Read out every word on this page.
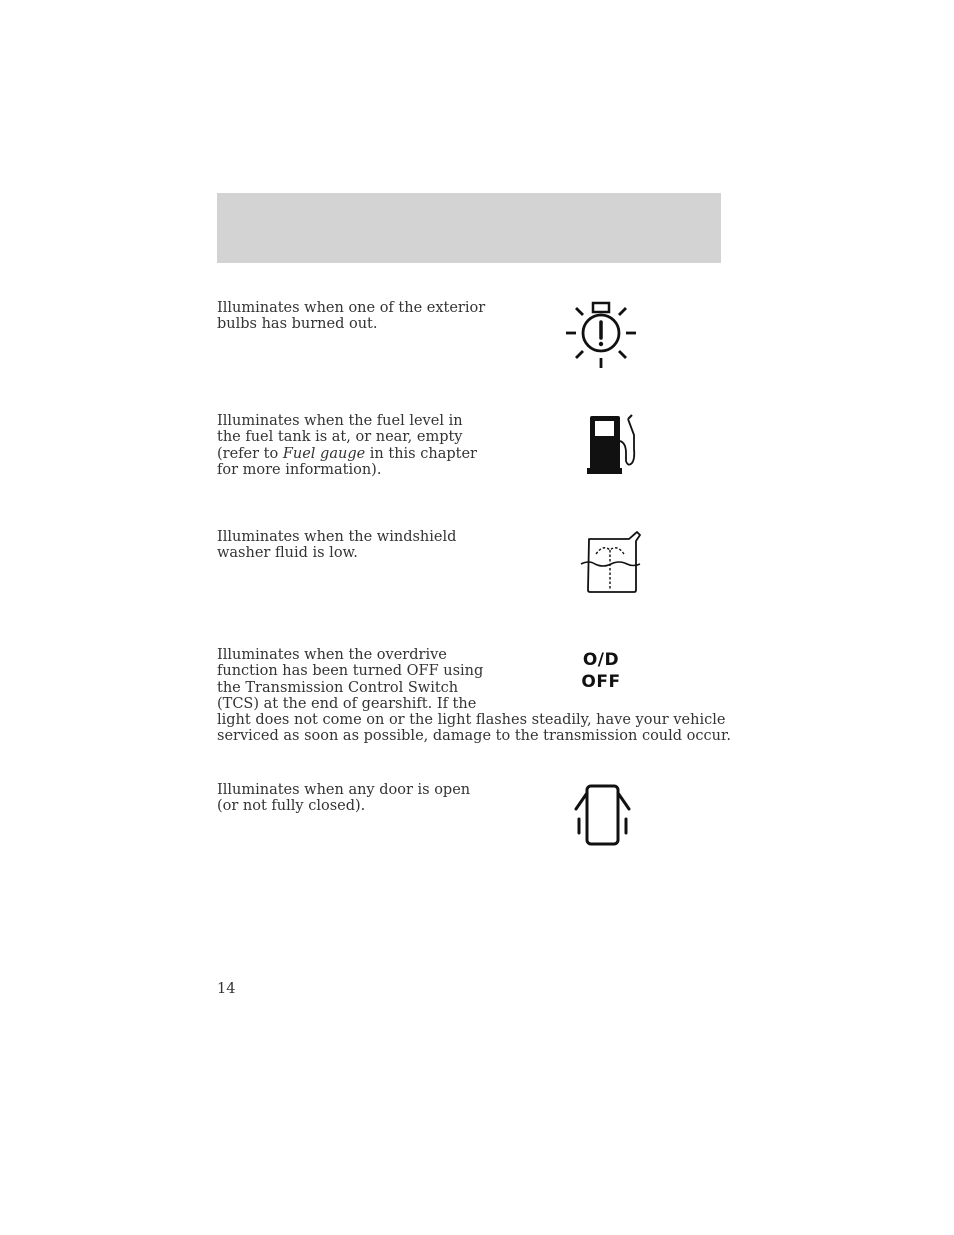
Illuminates when one of the exterior
bulbs has burned out.

Illuminates when the fuel level in
the fuel tank is at, or near, empty
(refer to Fuel gauge in this chapter
for more information).

Illuminates when the windshield
washer fluid is low.

Illuminates when the overdrive
function has been turned OFF using
the Transmission Control Switch
(TCS) at the end of gearshift. If the
light does not come on or the light flashes steadily, have your vehicle
serviced as soon as possible, damage to the transmission could occur.

O/D
OFF

Illuminates when any door is open
(or not fully closed).

14
